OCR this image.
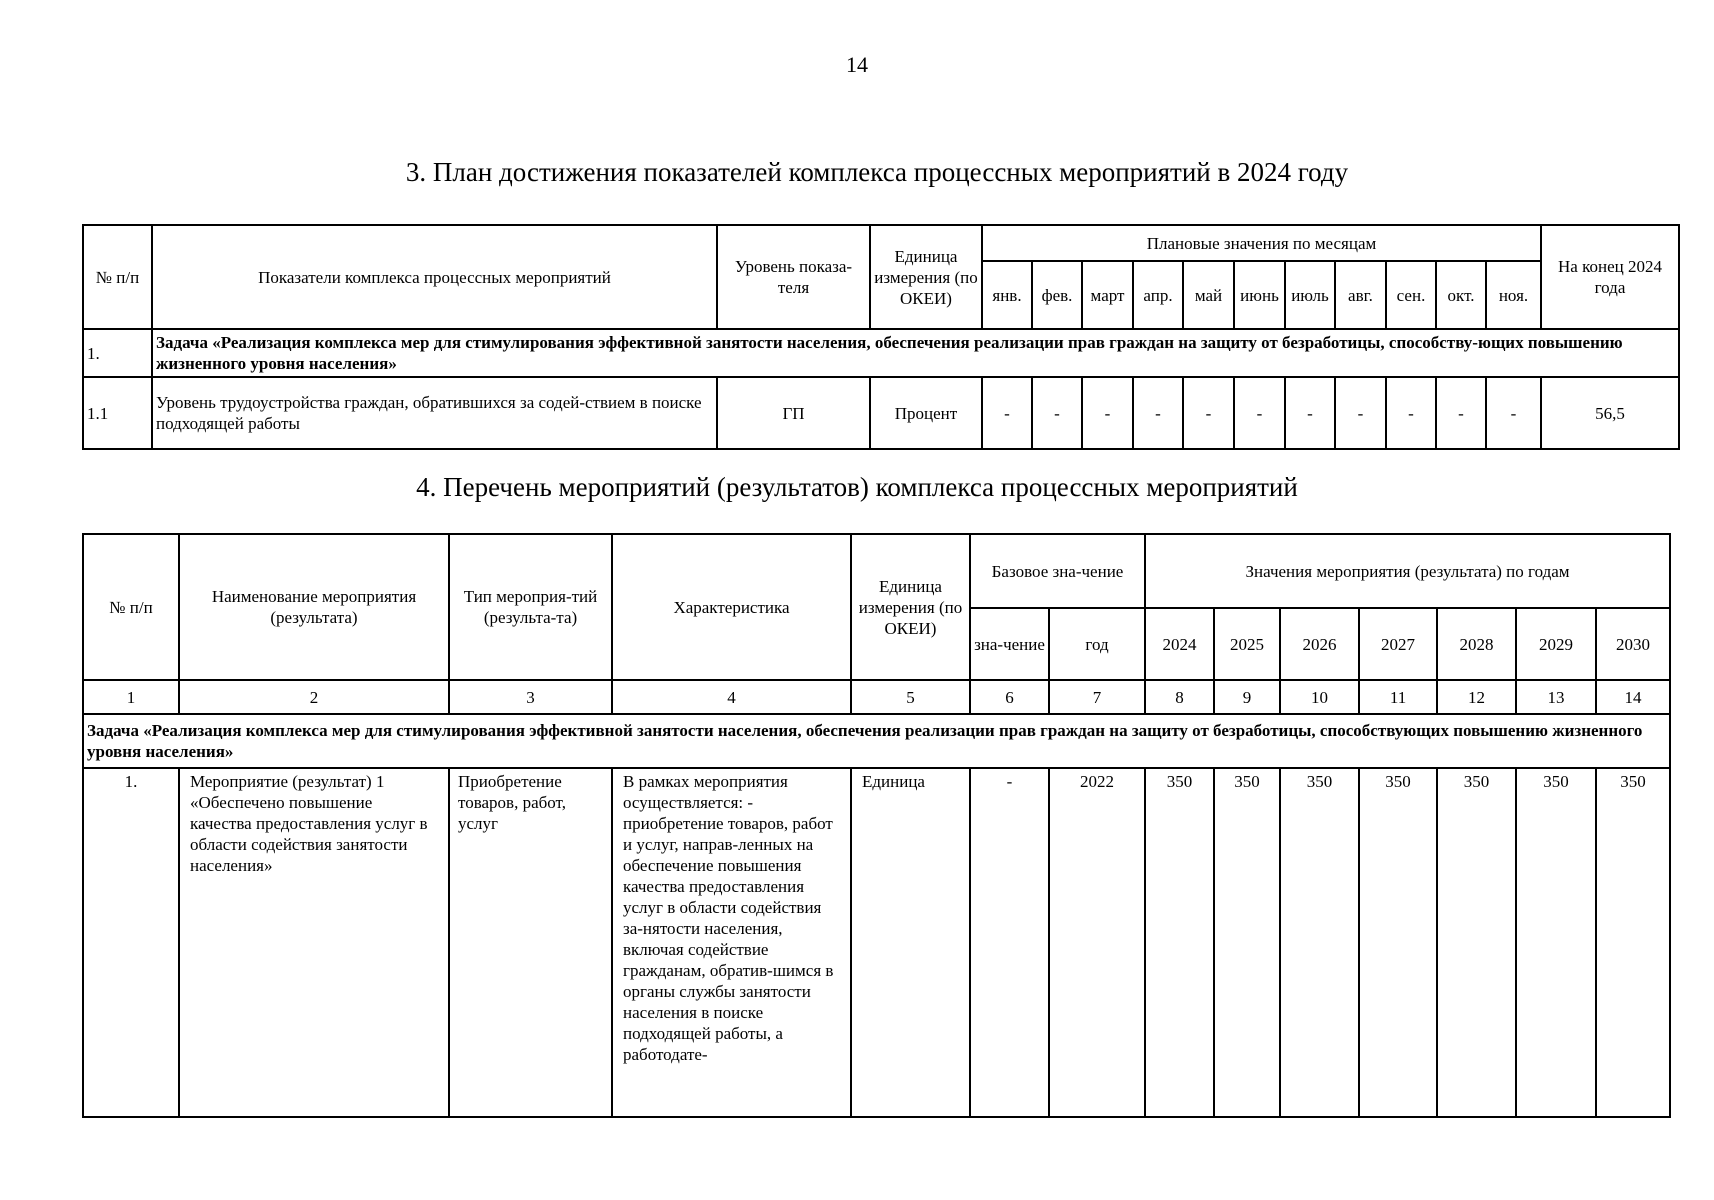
14
3. План достижения показателей комплекса процессных мероприятий в 2024 году
№ п/п	Показатели комплекса процессных мероприятий	Уровень показа-теля	Единица измерения (по ОКЕИ)	Плановые значения по месяцам											На конец 2024 года
				янв.	фев.	март	апр.	май	июнь	июль	авг.	сен.	окт.	ноя.	
1.	Задача «Реализация комплекса мер для стимулирования эффективной занятости населения, обеспечения реализации прав граждан на защиту от безработицы, способству-ющих повышению жизненного уровня населения»														
1.1	Уровень трудоустройства граждан, обратившихся за содей-ствием в поиске подходящей работы	ГП	Процент	-	-	-	-	-	-	-	-	-	-	-	56,5
4. Перечень мероприятий (результатов) комплекса процессных мероприятий
№ п/п	Наименование мероприятия (результата)	Тип мероприя-тий (результа-та)	Характеристика	Единица измерения (по ОКЕИ)	Базовое зна-чение		Значения мероприятия (результата) по годам						
					зна-чение	год	2024	2025	2026	2027	2028	2029	2030
1	2	3	4	5	6	7	8	9	10	11	12	13	14
Задача «Реализация комплекса мер для стимулирования эффективной занятости населения, обеспечения реализации прав граждан на защиту от безработицы, способствующих повышению жизненного уровня населения»													
1.	Мероприятие (результат) 1 «Обеспечено повышение качества предоставления услуг в области содействия занятости населения»	Приобретение товаров, работ, услуг	В рамках мероприятия осуществляется: - приобретение товаров, работ и услуг, направ-ленных на обеспечение повышения качества предоставления услуг в области содействия за-нятости населения, включая содействие гражданам, обратив-шимся в органы службы занятости населения в поиске подходящей работы, а работодате-	Единица	-	2022	350	350	350	350	350	350	350
